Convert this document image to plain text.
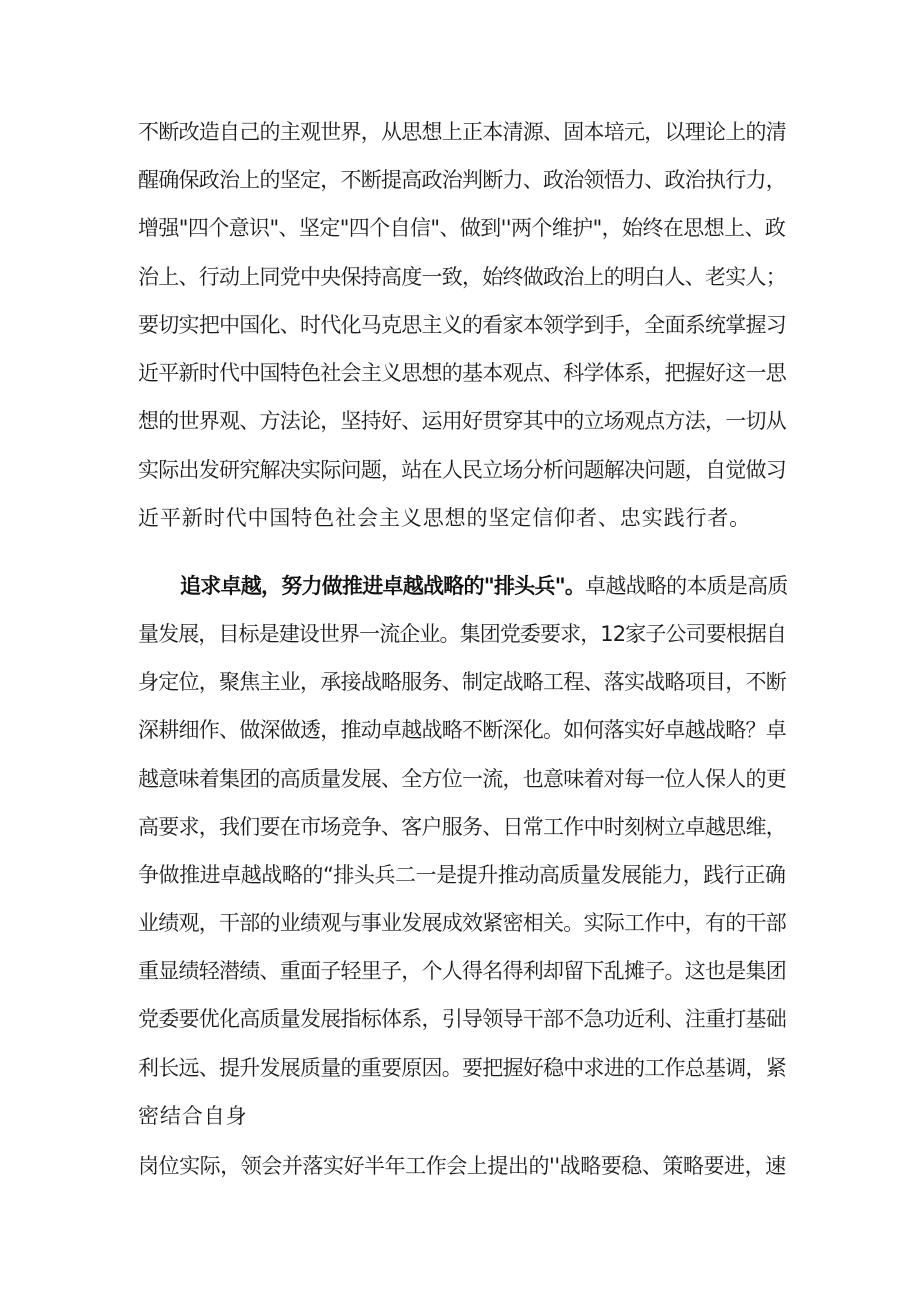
不断改造自己的主观世界，从思想上正本清源、固本培元，以理论上的清
醒确保政治上的坚定，不断提高政治判断力、政治领悟力、政治执行力，
增强"四个意识"、坚定"四个自信"、做到''两个维护"，始终在思想上、政
治上、行动上同党中央保持高度一致，始终做政治上的明白人、老实人；
要切实把中国化、时代化马克思主义的看家本领学到手，全面系统掌握习
近平新时代中国特色社会主义思想的基本观点、科学体系，把握好这一思
想的世界观、方法论，坚持好、运用好贯穿其中的立场观点方法，一切从
实际出发研究解决实际问题，站在人民立场分析问题解决问题，自觉做习
近平新时代中国特色社会主义思想的坚定信仰者、忠实践行者。
追求卓越，努力做推进卓越战略的"排头兵"。卓越战略的本质是高质
量发展，目标是建设世界一流企业。集团党委要求，12家子公司要根据自
身定位，聚焦主业，承接战略服务、制定战略工程、落实战略项目，不断
深耕细作、做深做透，推动卓越战略不断深化。如何落实好卓越战略？卓
越意味着集团的高质量发展、全方位一流，也意味着对每一位人保人的更
高要求，我们要在市场竞争、客户服务、日常工作中时刻树立卓越思维，
争做推进卓越战略的“排头兵二一是提升推动高质量发展能力，践行正确
业绩观，干部的业绩观与事业发展成效紧密相关。实际工作中，有的干部
重显绩轻潜绩、重面子轻里子，个人得名得利却留下乱摊子。这也是集团
党委要优化高质量发展指标体系，引导领导干部不急功近利、注重打基础
利长远、提升发展质量的重要原因。要把握好稳中求进的工作总基调，紧
密结合自身
岗位实际，领会并落实好半年工作会上提出的''战略要稳、策略要进，速
